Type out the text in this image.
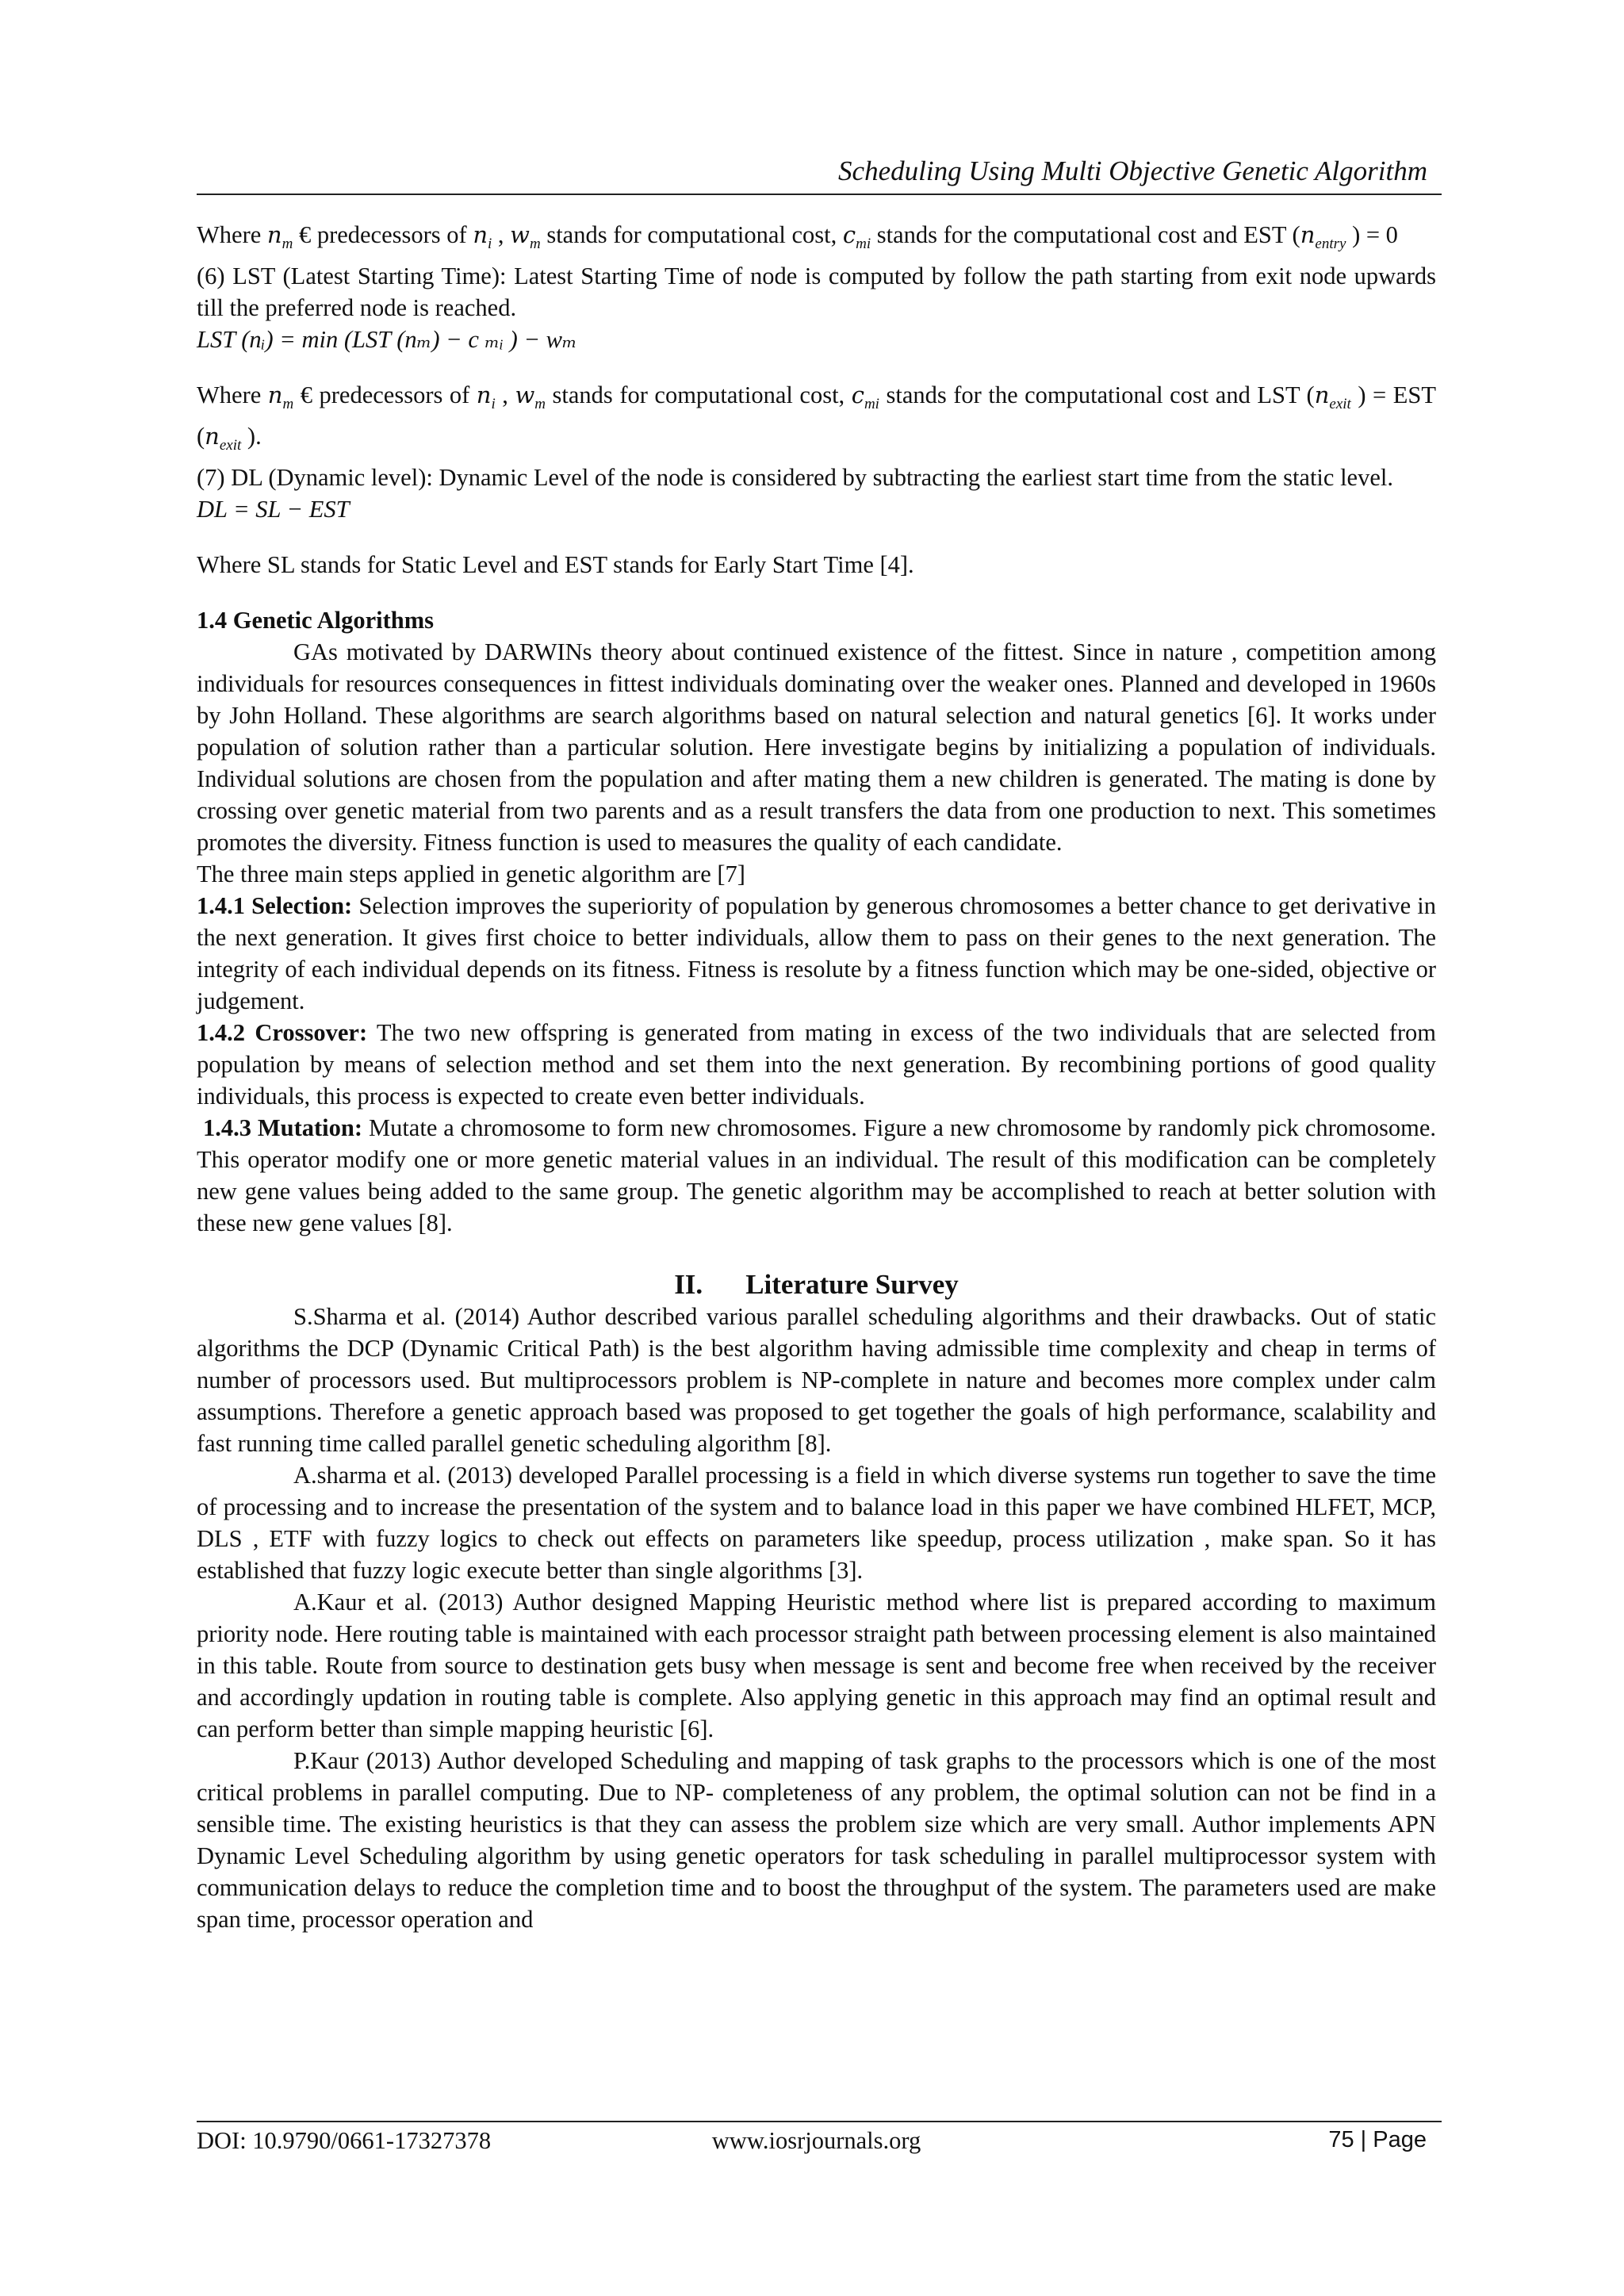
Scheduling Using Multi Objective Genetic Algorithm

Where $n_m$ € predecessors of $n_i$ , $w_m$ stands for computational cost, $c_{mi}$ stands for the computational cost and EST ($n_{entry}$ ) = 0

(6) LST (Latest Starting Time): Latest Starting Time of node is computed by follow the path starting from exit node upwards till the preferred node is reached.

LST (nᵢ) = min (LST (nₘ) − c ₘᵢ ) − wₘ

Where $n_m$ € predecessors of $n_i$ , $w_m$ stands for computational cost, $c_{mi}$ stands for the computational cost and LST ($n_{exit}$ ) = EST ($n_{exit}$ ).

(7) DL (Dynamic level): Dynamic Level of the node is considered by subtracting the earliest start time from the static level.

DL = SL − EST

Where SL stands for Static Level and EST stands for Early Start Time [4].

1.4 Genetic Algorithms

GAs motivated by DARWINs theory about continued existence of the fittest. Since in nature , competition among individuals for resources consequences in fittest individuals dominating over the weaker ones. Planned and developed in 1960s by John Holland. These algorithms are search algorithms based on natural selection and natural genetics [6]. It works under population of solution rather than a particular solution. Here investigate begins by initializing a population of individuals. Individual solutions are chosen from the population and after mating them a new children is generated. The mating is done by crossing over genetic material from two parents and as a result transfers the data from one production to next. This sometimes promotes the diversity. Fitness function is used to measures the quality of each candidate.

The three main steps applied in genetic algorithm are [7]

1.4.1 Selection: Selection improves the superiority of population by generous chromosomes a better chance to get derivative in the next generation. It gives first choice to better individuals, allow them to pass on their genes to the next generation. The integrity of each individual depends on its fitness. Fitness is resolute by a fitness function which may be one-sided, objective or judgement.

1.4.2 Crossover: The two new offspring is generated from mating in excess of the two individuals that are selected from population by means of selection method and set them into the next generation. By recombining portions of good quality individuals, this process is expected to create even better individuals.

1.4.3 Mutation: Mutate a chromosome to form new chromosomes. Figure a new chromosome by randomly pick chromosome. This operator modify one or more genetic material values in an individual. The result of this modification can be completely new gene values being added to the same group. The genetic algorithm may be accomplished to reach at better solution with these new gene values [8].

II. Literature Survey

S.Sharma et al. (2014) Author described various parallel scheduling algorithms and their drawbacks. Out of static algorithms the DCP (Dynamic Critical Path) is the best algorithm having admissible time complexity and cheap in terms of number of processors used. But multiprocessors problem is NP-complete in nature and becomes more complex under calm assumptions. Therefore a genetic approach based was proposed to get together the goals of high performance, scalability and fast running time called parallel genetic scheduling algorithm [8].

A.sharma et al. (2013) developed Parallel processing is a field in which diverse systems run together to save the time of processing and to increase the presentation of the system and to balance load in this paper we have combined HLFET, MCP, DLS , ETF with fuzzy logics to check out effects on parameters like speedup, process utilization , make span. So it has established that fuzzy logic execute better than single algorithms [3].

A.Kaur et al. (2013) Author designed Mapping Heuristic method where list is prepared according to maximum priority node. Here routing table is maintained with each processor straight path between processing element is also maintained in this table. Route from source to destination gets busy when message is sent and become free when received by the receiver and accordingly updation in routing table is complete. Also applying genetic in this approach may find an optimal result and can perform better than simple mapping heuristic [6].

P.Kaur (2013) Author developed Scheduling and mapping of task graphs to the processors which is one of the most critical problems in parallel computing. Due to NP- completeness of any problem, the optimal solution can not be find in a sensible time. The existing heuristics is that they can assess the problem size which are very small. Author implements APN Dynamic Level Scheduling algorithm by using genetic operators for task scheduling in parallel multiprocessor system with communication delays to reduce the completion time and to boost the throughput of the system. The parameters used are make span time, processor operation and

DOI: 10.9790/0661-17327378	www.iosrjournals.org	75 | Page
